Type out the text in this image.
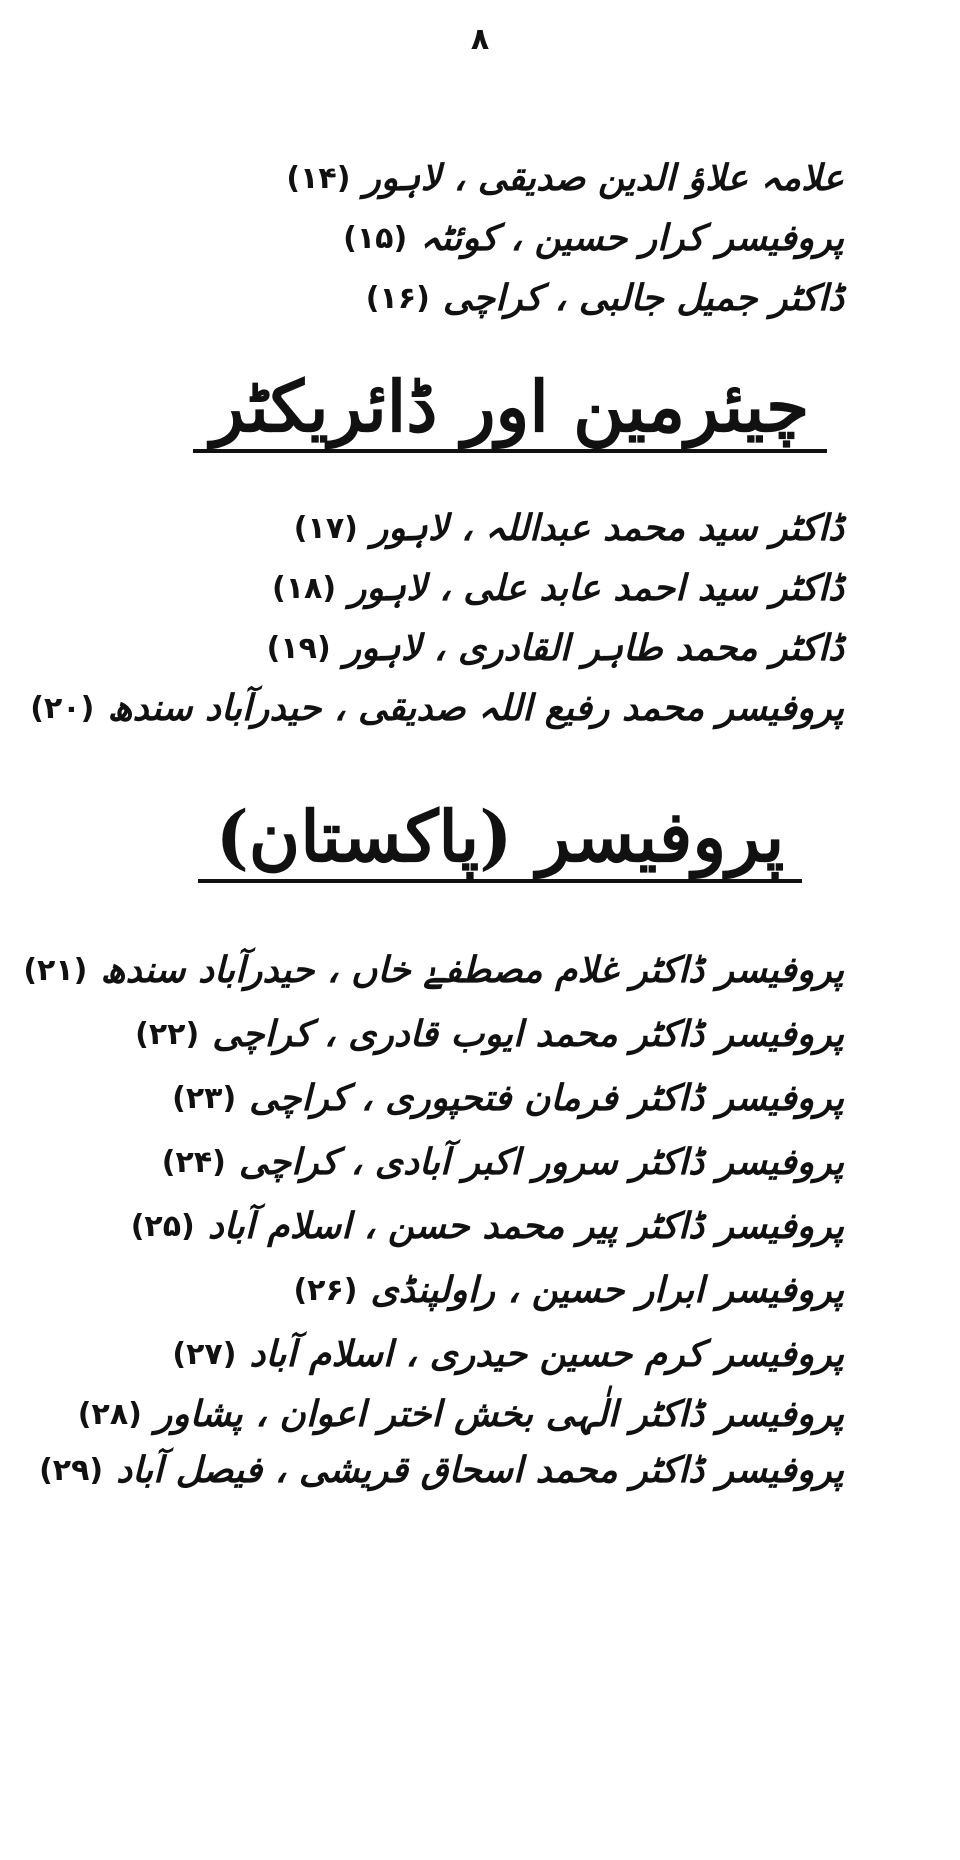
۸
(۱۴) علامہ علاؤ الدین صدیقی ، لاہور
(۱۵) پروفیسر کرار حسین ، کوئٹہ
(۱۶) ڈاکٹر جمیل جالبی ، کراچی
چیئرمین اور ڈائریکٹر
(۱۷) ڈاکٹر سید محمد عبداللہ ، لاہور
(۱۸) ڈاکٹر سید احمد عابد علی ، لاہور
(۱۹) ڈاکٹر محمد طاہر القادری ، لاہور
(۲۰) پروفیسر محمد رفیع اللہ صدیقی ، حیدرآباد سندھ
پروفیسر (پاکستان)
(۲۱) پروفیسر ڈاکٹر غلام مصطفےٰ خاں ، حیدرآباد سندھ
(۲۲) پروفیسر ڈاکٹر محمد ایوب قادری ، کراچی
(۲۳) پروفیسر ڈاکٹر فرمان فتحپوری ، کراچی
(۲۴) پروفیسر ڈاکٹر سرور اکبر آبادی ، کراچی
(۲۵) پروفیسر ڈاکٹر پیر محمد حسن ، اسلام آباد
(۲۶) پروفیسر ابرار حسین ، راولپنڈی
(۲۷) پروفیسر کرم حسین حیدری ، اسلام آباد
(۲۸) پروفیسر ڈاکٹر الٰہی بخش اختر اعوان ، پشاور
(۲۹) پروفیسر ڈاکٹر محمد اسحاق قریشی ، فیصل آباد
